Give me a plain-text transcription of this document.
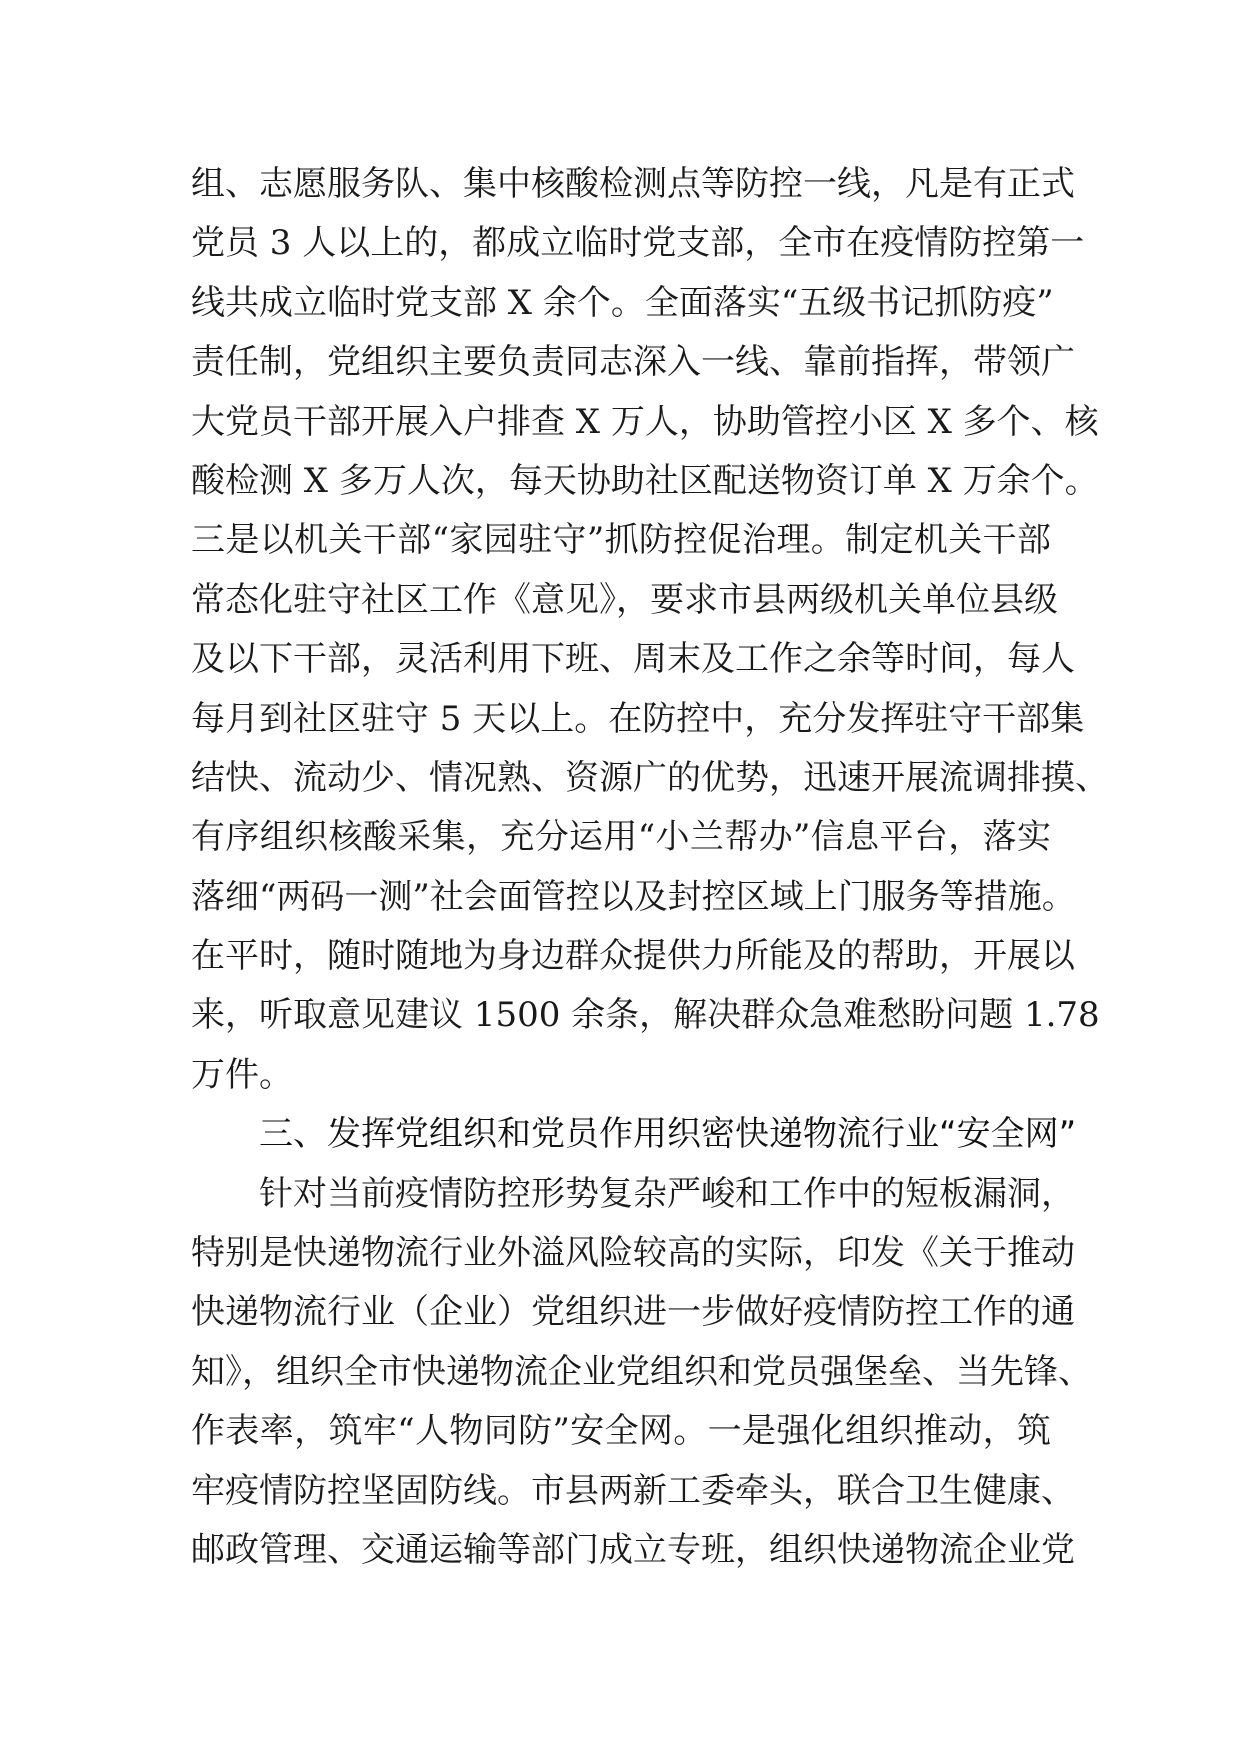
组、志愿服务队、集中核酸检测点等防控一线，凡是有正式
党员 3 人以上的，都成立临时党支部，全市在疫情防控第一
线共成立临时党支部 X 余个。全面落实“五级书记抓防疫”
责任制，党组织主要负责同志深入一线、靠前指挥，带领广
大党员干部开展入户排查 X 万人，协助管控小区 X 多个、核
酸检测 X 多万人次，每天协助社区配送物资订单 X 万余个。
三是以机关干部“家园驻守”抓防控促治理。制定机关干部
常态化驻守社区工作《意见》，要求市县两级机关单位县级
及以下干部，灵活利用下班、周末及工作之余等时间，每人
每月到社区驻守 5 天以上。在防控中，充分发挥驻守干部集
结快、流动少、情况熟、资源广的优势，迅速开展流调排摸、
有序组织核酸采集，充分运用“小兰帮办”信息平台，落实
落细“两码一测”社会面管控以及封控区域上门服务等措施。
在平时，随时随地为身边群众提供力所能及的帮助，开展以
来，听取意见建议 1500 余条，解决群众急难愁盼问题 1.78
万件。
三、发挥党组织和党员作用织密快递物流行业“安全网”
针对当前疫情防控形势复杂严峻和工作中的短板漏洞，
特别是快递物流行业外溢风险较高的实际，印发《关于推动
快递物流行业（企业）党组织进一步做好疫情防控工作的通
知》，组织全市快递物流企业党组织和党员强堡垒、当先锋、
作表率，筑牢“人物同防”安全网。一是强化组织推动，筑
牢疫情防控坚固防线。市县两新工委牵头，联合卫生健康、
邮政管理、交通运输等部门成立专班，组织快递物流企业党
